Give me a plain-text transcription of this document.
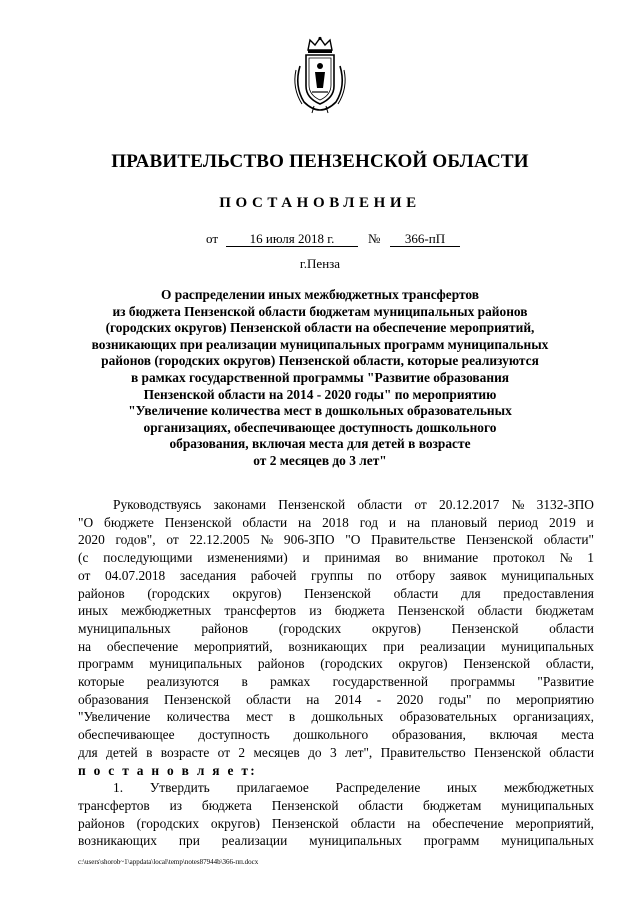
ПРАВИТЕЛЬСТВО ПЕНЗЕНСКОЙ ОБЛАСТИ
ПОСТАНОВЛЕНИЕ
от	16 июля 2018 г.	№	366-пП
г.Пенза
О распределении иных межбюджетных трансфертов
из бюджета Пензенской области бюджетам муниципальных районов
(городских округов) Пензенской области на обеспечение мероприятий,
возникающих при реализации муниципальных программ муниципальных
районов (городских округов) Пензенской области, которые реализуются
в рамках государственной программы "Развитие образования
Пензенской области на 2014 - 2020 годы" по мероприятию
"Увеличение количества мест в дошкольных образовательных
организациях, обеспечивающее доступность дошкольного
образования, включая места для детей в возрасте
от 2 месяцев до 3 лет"
Руководствуясь законами Пензенской области от 20.12.2017 № 3132-ЗПО
"О бюджете Пензенской области на 2018 год и на плановый период 2019 и
2020 годов", от 22.12.2005 № 906-ЗПО "О Правительстве Пензенской области"
(с последующими изменениями) и принимая во внимание протокол № 1
от 04.07.2018 заседания рабочей группы по отбору заявок муниципальных
районов (городских округов) Пензенской области для предоставления
иных межбюджетных трансфертов из бюджета Пензенской области бюджетам
муниципальных районов (городских округов) Пензенской области
на обеспечение мероприятий, возникающих при реализации муниципальных
программ муниципальных районов (городских округов) Пензенской области,
которые реализуются в рамках государственной программы "Развитие
образования Пензенской области на 2014 - 2020 годы" по мероприятию
"Увеличение количества мест в дошкольных образовательных организациях,
обеспечивающее доступность дошкольного образования, включая места
для детей в возрасте от 2 месяцев до 3 лет", Правительство Пензенской области
п о с т а н о в л я е т:
1. Утвердить прилагаемое Распределение иных межбюджетных
трансфертов из бюджета Пензенской области бюджетам муниципальных
районов (городских округов) Пензенской области на обеспечение мероприятий,
возникающих при реализации муниципальных программ муниципальных
c:\users\shorob~1\appdata\local\temp\notes87944b\366-пп.docx
